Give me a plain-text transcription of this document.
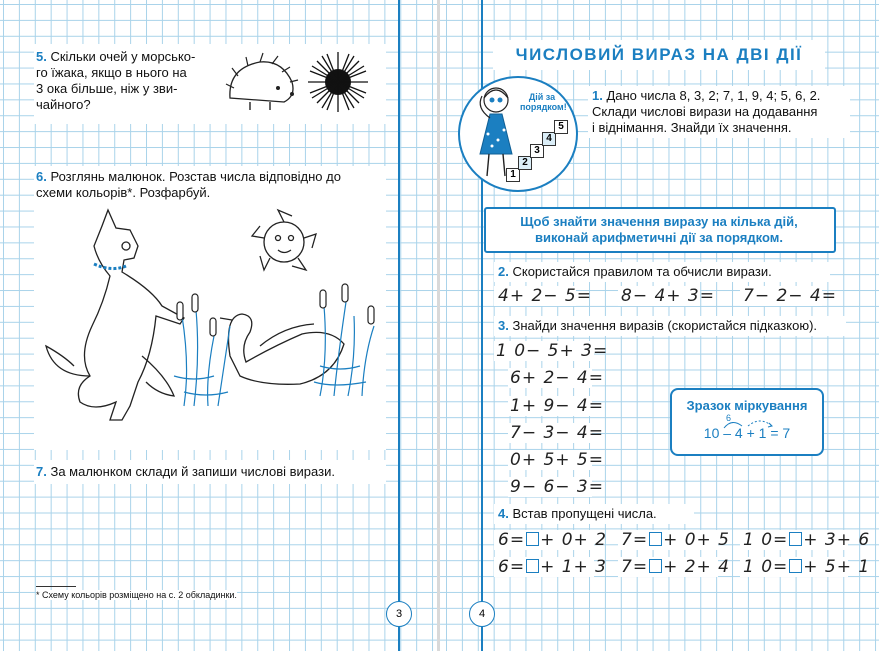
5. Скільки очей у морсько-
го їжака, якщо в нього на
3 ока більше, ніж у зви-
чайного?
6. Розглянь малюнок. Розстав числа відповідно до
схеми кольорів*. Розфарбуй.
7. За малюнком склади й запиши числові вирази.
* Схему кольорів розміщено на с. 2 обкладинки.
3	4
ЧИСЛОВИЙ ВИРАЗ НА ДВІ ДІЇ
Дій за
порядком!
1
2
3
4
5
1. Дано числа 8, 3, 2; 7, 1, 9, 4; 5, 6, 2.
Склади числові вирази на додавання
і віднімання. Знайди їх значення.
Щоб знайти значення виразу на кілька дій,
виконай арифметичні дії за порядком.
2. Скористайся правилом та обчисли вирази.
4+ 2− 5= 8− 4+ 3= 7− 2− 4=
3. Знайди значення виразів (скористайся підказкою).
1 0− 5+ 3=
6+ 2− 4=
1+ 9− 4=
7− 3− 4=
0+ 5+ 5=
9− 6− 3=
Зразок міркування
6
10 – 4 + 1 = 7
4. Встав пропущені числа.
6= + 0+ 2 7= + 0+ 5 1 0= + 3+ 6
6= + 1+ 3 7= + 2+ 4 1 0= + 5+ 1
